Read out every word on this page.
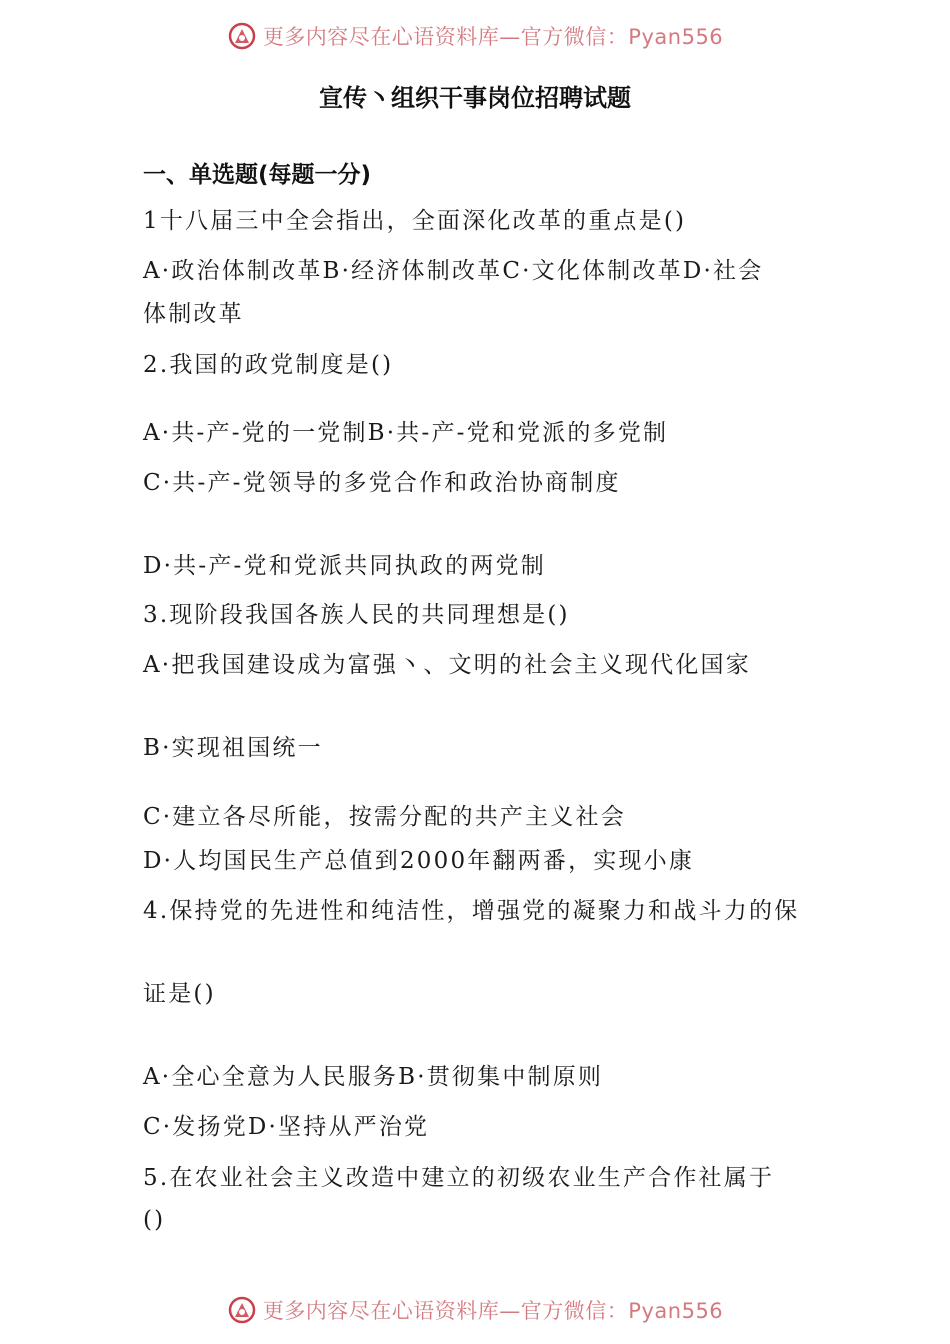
更多内容尽在心语资料库—官方微信：Pyan556
宣传丶组织干事岗位招聘试题
一、单选题(每题一分)
1十八届三中全会指出，全面深化改革的重点是()
A·政治体制改革B·经济体制改革C·文化体制改革D·社会
体制改革
2.我国的政党制度是()
A·共-产-党的一党制B·共-产-党和党派的多党制
C·共-产-党领导的多党合作和政治协商制度
D·共-产-党和党派共同执政的两党制
3.现阶段我国各族人民的共同理想是()
A·把我国建设成为富强丶、文明的社会主义现代化国家
B·实现祖国统一
C·建立各尽所能，按需分配的共产主义社会
D·人均国民生产总值到2000年翻两番，实现小康
4.保持党的先进性和纯洁性，增强党的凝聚力和战斗力的保
证是()
A·全心全意为人民服务B·贯彻集中制原则
C·发扬党D·坚持从严治党
5.在农业社会主义改造中建立的初级农业生产合作社属于
()
更多内容尽在心语资料库—官方微信：Pyan556
